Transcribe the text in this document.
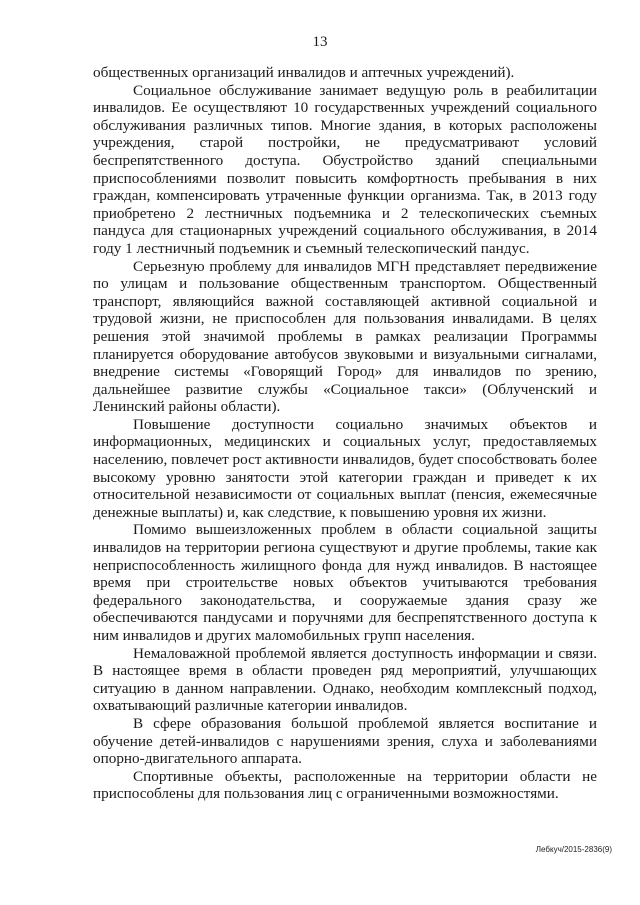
13

общественных организаций инвалидов и аптечных учреждений).

Социальное обслуживание занимает ведущую роль в реабилитации инвалидов. Ее осуществляют 10 государственных учреждений социального обслуживания различных типов. Многие здания, в которых расположены учреждения, старой постройки, не предусматривают условий беспрепятственного доступа. Обустройство зданий специальными приспособлениями позволит повысить комфортность пребывания в них граждан, компенсировать утраченные функции организма. Так, в 2013 году приобретено 2 лестничных подъемника и 2 телескопических съемных пандуса для стационарных учреждений социального обслуживания, в 2014 году 1 лестничный подъемник и съемный телескопический пандус.

Серьезную проблему для инвалидов МГН представляет передвижение по улицам и пользование общественным транспортом. Общественный транспорт, являющийся важной составляющей активной социальной и трудовой жизни, не приспособлен для пользования инвалидами. В целях решения этой значимой проблемы в рамках реализации Программы планируется оборудование автобусов звуковыми и визуальными сигналами, внедрение системы «Говорящий Город» для инвалидов по зрению, дальнейшее развитие службы «Социальное такси» (Облученский и Ленинский районы области).

Повышение доступности социально значимых объектов и информационных, медицинских и социальных услуг, предоставляемых населению, повлечет рост активности инвалидов, будет способствовать более высокому уровню занятости этой категории граждан и приведет к их относительной независимости от социальных выплат (пенсия, ежемесячные денежные выплаты) и, как следствие, к повышению уровня их жизни.

Помимо вышеизложенных проблем в области социальной защиты инвалидов на территории региона существуют и другие проблемы, такие как неприспособленность жилищного фонда для нужд инвалидов. В настоящее время при строительстве новых объектов учитываются требования федерального законодательства, и сооружаемые здания сразу же обеспечиваются пандусами и поручнями для беспрепятственного доступа к ним инвалидов и других маломобильных групп населения.

Немаловажной проблемой является доступность информации и связи. В настоящее время в области проведен ряд мероприятий, улучшающих ситуацию в данном направлении. Однако, необходим комплексный подход, охватывающий различные категории инвалидов.

В сфере образования большой проблемой является воспитание и обучение детей-инвалидов с нарушениями зрения, слуха и заболеваниями опорно-двигательного аппарата.

Спортивные объекты, расположенные на территории области не приспособлены для пользования лиц с ограниченными возможностями.

Лебкуч/2015-2836(9)
